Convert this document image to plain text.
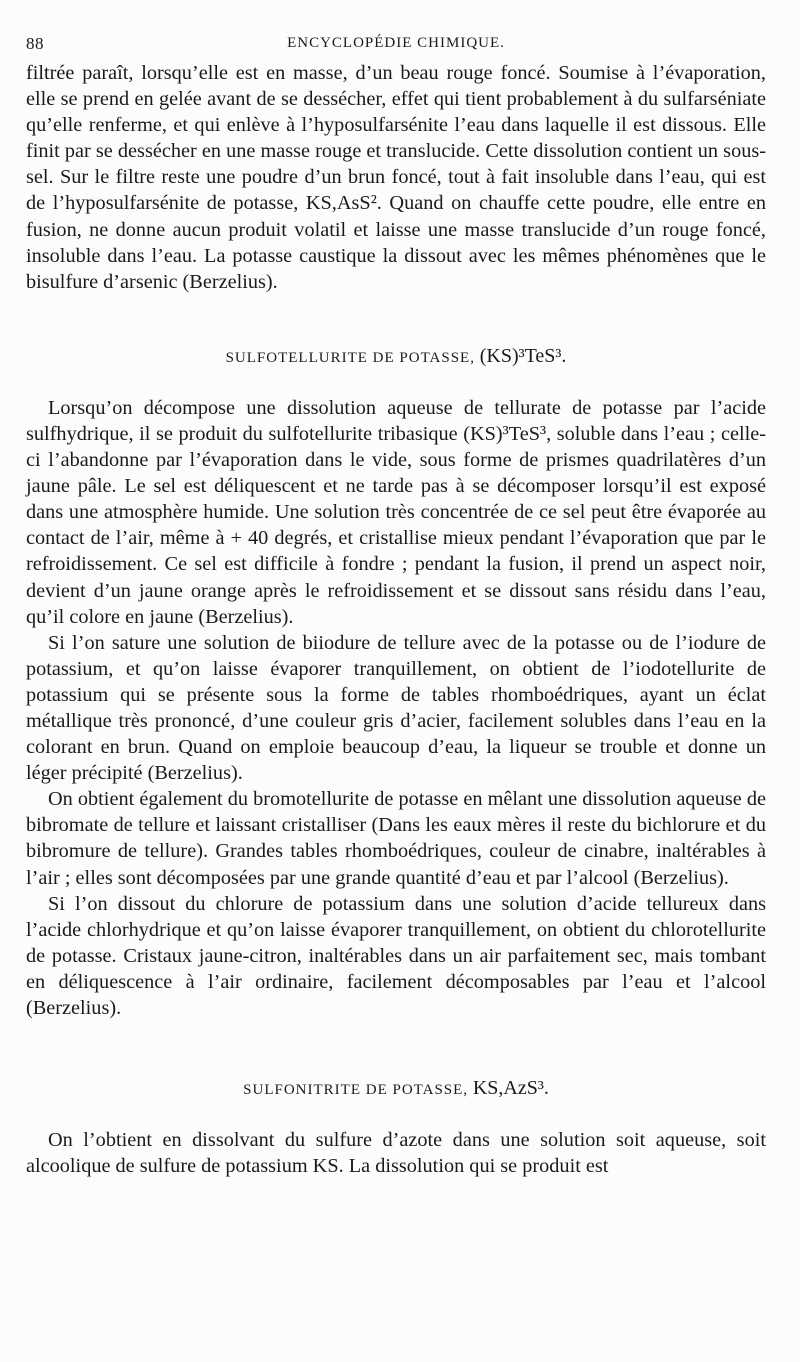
88	ENCYCLOPÉDIE CHIMIQUE.

filtrée paraît, lorsqu’elle est en masse, d’un beau rouge foncé. Soumise à l’évaporation, elle se prend en gelée avant de se dessécher, effet qui tient probablement à du sulfarséniate qu’elle renferme, et qui enlève à l’hyposulfarsénite l’eau dans laquelle il est dissous. Elle finit par se dessécher en une masse rouge et translucide. Cette dissolution contient un sous-sel. Sur le filtre reste une poudre d’un brun foncé, tout à fait insoluble dans l’eau, qui est de l’hyposulfarsénite de potasse, KS,AsS². Quand on chauffe cette poudre, elle entre en fusion, ne donne aucun produit volatil et laisse une masse translucide d’un rouge foncé, insoluble dans l’eau. La potasse caustique la dissout avec les mêmes phénomènes que le bisulfure d’arsenic (Berzelius).

SULFOTELLURITE DE POTASSE, (KS)³TeS³.

Lorsqu’on décompose une dissolution aqueuse de tellurate de potasse par l’acide sulfhydrique, il se produit du sulfotellurite tribasique (KS)³TeS³, soluble dans l’eau ; celle-ci l’abandonne par l’évaporation dans le vide, sous forme de prismes quadrilatères d’un jaune pâle. Le sel est déliquescent et ne tarde pas à se décomposer lorsqu’il est exposé dans une atmosphère humide. Une solution très concentrée de ce sel peut être évaporée au contact de l’air, même à + 40 degrés, et cristallise mieux pendant l’évaporation que par le refroidissement. Ce sel est difficile à fondre ; pendant la fusion, il prend un aspect noir, devient d’un jaune orange après le refroidissement et se dissout sans résidu dans l’eau, qu’il colore en jaune (Berzelius).

Si l’on sature une solution de biiodure de tellure avec de la potasse ou de l’iodure de potassium, et qu’on laisse évaporer tranquillement, on obtient de l’iodotellurite de potassium qui se présente sous la forme de tables rhomboédriques, ayant un éclat métallique très prononcé, d’une couleur gris d’acier, facilement solubles dans l’eau en la colorant en brun. Quand on emploie beaucoup d’eau, la liqueur se trouble et donne un léger précipité (Berzelius).

On obtient également du bromotellurite de potasse en mêlant une dissolution aqueuse de bibromate de tellure et laissant cristalliser (Dans les eaux mères il reste du bichlorure et du bibromure de tellure). Grandes tables rhomboédriques, couleur de cinabre, inaltérables à l’air ; elles sont décomposées par une grande quantité d’eau et par l’alcool (Berzelius).

Si l’on dissout du chlorure de potassium dans une solution d’acide tellureux dans l’acide chlorhydrique et qu’on laisse évaporer tranquillement, on obtient du chlorotellurite de potasse. Cristaux jaune-citron, inaltérables dans un air parfaitement sec, mais tombant en déliquescence à l’air ordinaire, facilement décomposables par l’eau et l’alcool (Berzelius).

SULFONITRITE DE POTASSE, KS,AzS³.

On l’obtient en dissolvant du sulfure d’azote dans une solution soit aqueuse, soit alcoolique de sulfure de potassium KS. La dissolution qui se produit est
